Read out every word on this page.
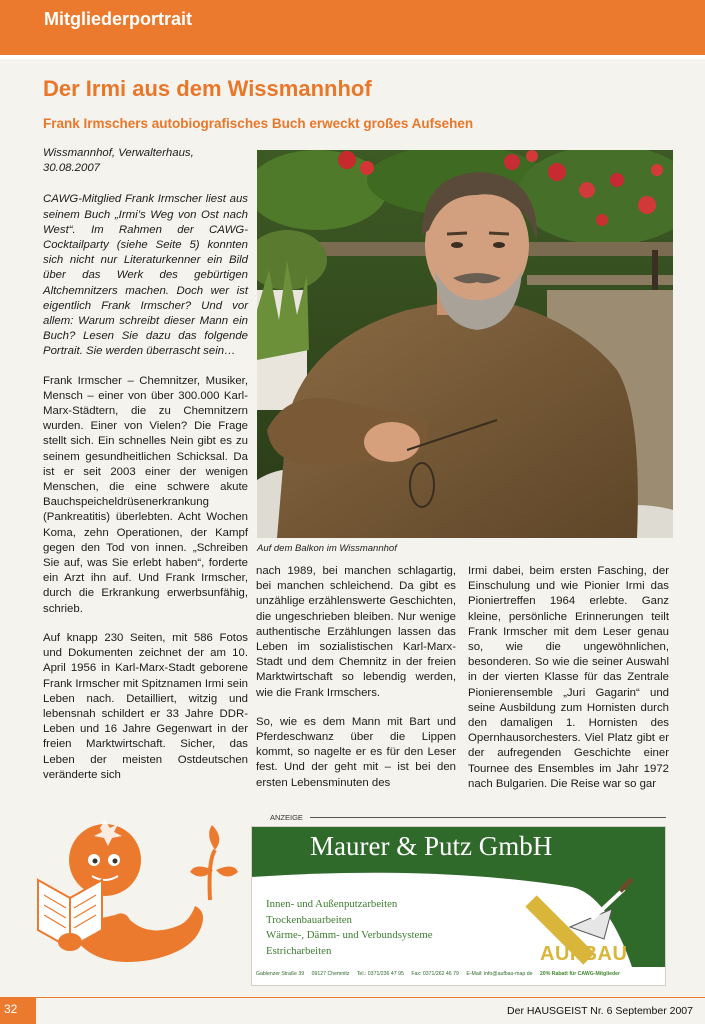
Mitgliederportrait
Der Irmi aus dem Wissmannhof
Frank Irmschers autobiografisches Buch erweckt großes Aufsehen

Wissmannhof, Verwalterhaus,
30.08.2007

CAWG-Mitglied Frank Irmscher liest aus seinem Buch „Irmi’s Weg von Ost nach West“. Im Rahmen der CAWG-Cocktailparty (siehe Seite 5) konnten sich nicht nur Literaturkenner ein Bild über das Werk des gebürtigen Altchemnitzers machen. Doch wer ist eigentlich Frank Irmscher? Und vor allem: Warum schreibt dieser Mann ein Buch? Lesen Sie dazu das folgende Portrait. Sie werden überrascht sein…

Frank Irmscher – Chemnitzer, Musiker, Mensch – einer von über 300.000 Karl-Marx-Städtern, die zu Chemnitzern wurden. Einer von Vielen? Die Frage stellt sich. Ein schnelles Nein gibt es zu seinem gesundheitlichen Schicksal. Da ist er seit 2003 einer der wenigen Menschen, die eine schwere akute Bauchspeicheldrüsenerkrankung (Pankreatitis) überlebten. Acht Wochen Koma, zehn Operationen, der Kampf gegen den Tod von innen. „Schreiben Sie auf, was Sie erlebt haben“, forderte ein Arzt ihn auf. Und Frank Irmscher, durch die Erkrankung erwerbsunfähig, schrieb.

Auf knapp 230 Seiten, mit 586 Fotos und Dokumenten zeichnet der am 10. April 1956 in Karl-Marx-Stadt geborene Frank Irmscher mit Spitznamen Irmi sein Leben nach. Detailliert, witzig und lebensnah schildert er 33 Jahre DDR-Leben und 16 Jahre Gegenwart in der freien Marktwirtschaft. Sicher, das Leben der meisten Ostdeutschen veränderte sich

Auf dem Balkon im Wissmannhof

nach 1989, bei manchen schlagartig, bei manchen schleichend. Da gibt es unzählige erzählenswerte Geschichten, die ungeschrieben bleiben. Nur wenige authentische Erzählungen lassen das Leben im sozialistischen Karl-Marx-Stadt und dem Chemnitz in der freien Marktwirtschaft so lebendig werden, wie die Frank Irmschers.

So, wie es dem Mann mit Bart und Pferdeschwanz über die Lippen kommt, so nagelte er es für den Leser fest. Und der geht mit – ist bei den ersten Lebensminuten des

Irmi dabei, beim ersten Fasching, der Einschulung und wie Pionier Irmi das Pioniertreffen 1964 erlebte. Ganz kleine, persönliche Erinnerungen teilt Frank Irmscher mit dem Leser genau so, wie die ungewöhnlichen, besonderen. So wie die seiner Auswahl in der vierten Klasse für das Zentrale Pionierensemble „Juri Gagarin“ und seine Ausbildung zum Hornisten durch den damaligen 1. Hornisten des Opernhausorchesters. Viel Platz gibt er der aufregenden Geschichte einer Tournee des Ensembles im Jahr 1972 nach Bulgarien. Die Reise war so gar

ANZEIGE
Maurer & Putz GmbH
Innen- und Außenputzarbeiten
Trockenbauarbeiten
Wärme-, Dämm- und Verbundsysteme
Estricharbeiten	AUFBAU
Gablenzer Straße 39 09127 Chemnitz Tel.: 0371/236 47 95 Fax: 0371/262 46 79 E-Mail: info@aufbau-map.de 20% Rabatt für CAWG-Mitglieder
32	Der HAUSGEIST Nr. 6 September 2007
